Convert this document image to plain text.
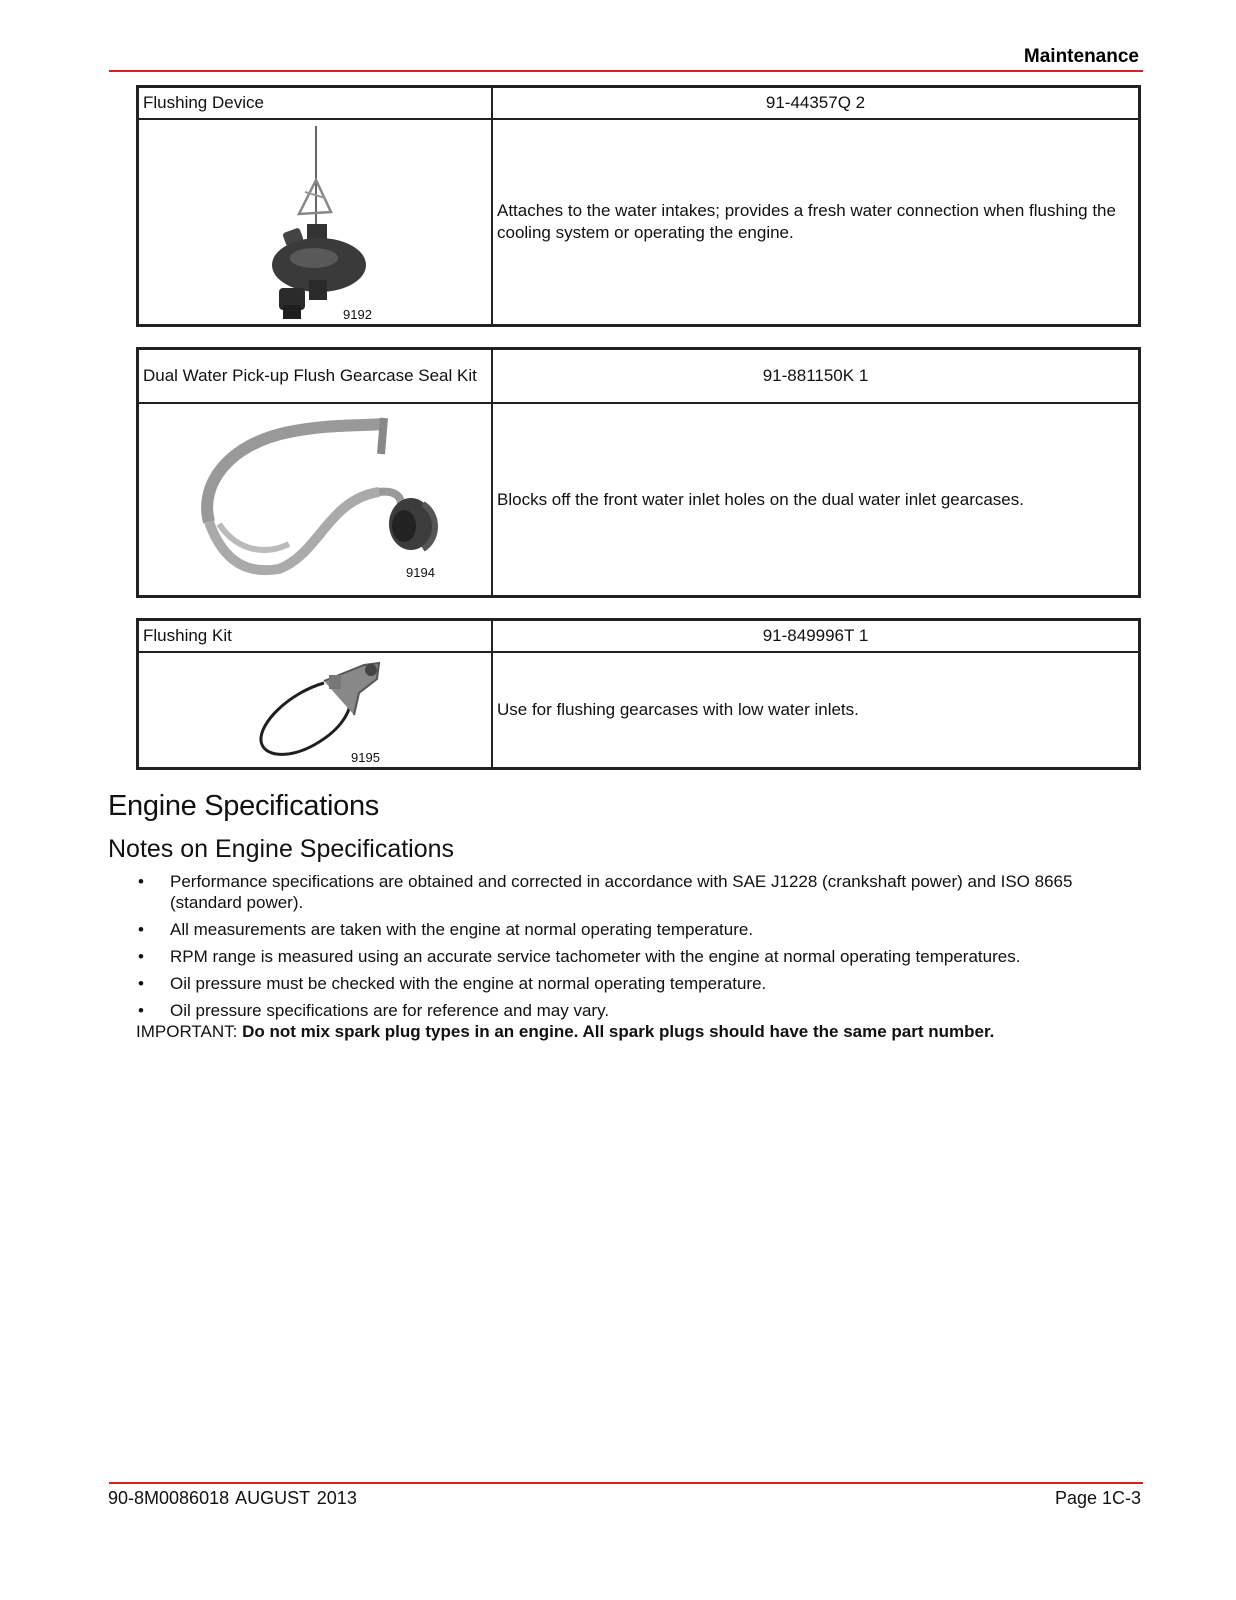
Maintenance
Flushing Device	91-44357Q 2
9192
Attaches to the water intakes; provides a fresh water connection when flushing the cooling system or operating the engine.
Dual Water Pick-up Flush Gearcase Seal Kit	91-881150K 1
9194
Blocks off the front water inlet holes on the dual water inlet gearcases.
Flushing Kit	91-849996T 1
9195
Use for flushing gearcases with low water inlets.
Engine Specifications
Notes on Engine Specifications
• Performance specifications are obtained and corrected in accordance with SAE J1228 (crankshaft power) and ISO 8665 (standard power).
• All measurements are taken with the engine at normal operating temperature.
• RPM range is measured using an accurate service tachometer with the engine at normal operating temperatures.
• Oil pressure must be checked with the engine at normal operating temperature.
• Oil pressure specifications are for reference and may vary.
IMPORTANT: Do not mix spark plug types in an engine. All spark plugs should have the same part number.
90-8M0086018 AUGUST 2013	Page 1C-3
